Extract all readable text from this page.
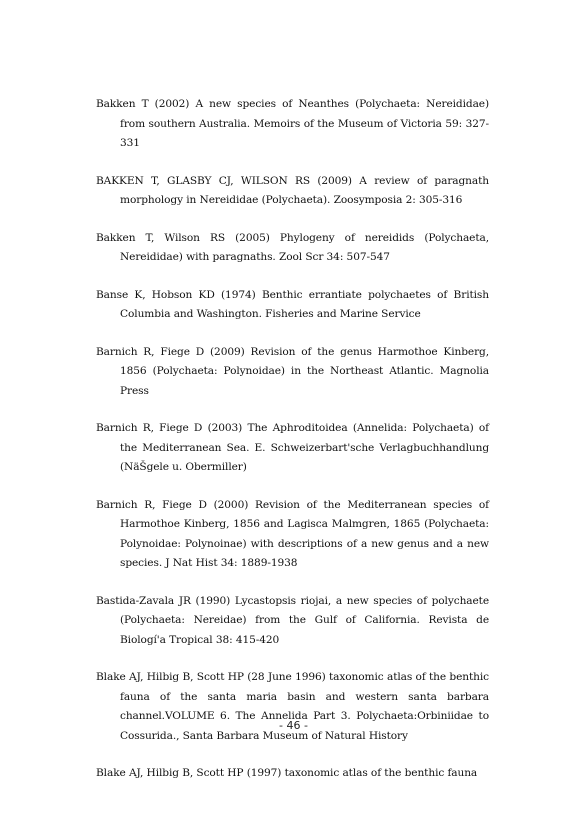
Bakken T (2002) A new species of Neanthes (Polychaeta: Nereididae) from southern Australia. Memoirs of the Museum of Victoria 59: 327-331

BAKKEN T, GLASBY CJ, WILSON RS (2009) A review of paragnath morphology in Nereididae (Polychaeta). Zoosymposia 2: 305-316

Bakken T, Wilson RS (2005) Phylogeny of nereidids (Polychaeta, Nereididae) with paragnaths. Zool Scr 34: 507-547

Banse K, Hobson KD (1974) Benthic errantiate polychaetes of British Columbia and Washington. Fisheries and Marine Service

Barnich R, Fiege D (2009) Revision of the genus Harmothoe Kinberg, 1856 (Polychaeta: Polynoidae) in the Northeast Atlantic. Magnolia Press

Barnich R, Fiege D (2003) The Aphroditoidea (Annelida: Polychaeta) of the Mediterranean Sea. E. Schweizerbart'sche Verlagbuchhandlung (NäŠgele u. Obermiller)

Barnich R, Fiege D (2000) Revision of the Mediterranean species of Harmothoe Kinberg, 1856 and Lagisca Malmgren, 1865 (Polychaeta: Polynoidae: Polynoinae) with descriptions of a new genus and a new species. J Nat Hist 34: 1889-1938

Bastida-Zavala JR (1990) Lycastopsis riojai, a new species of polychaete (Polychaeta: Nereidae) from the Gulf of California. Revista de Biologí'a Tropical 38: 415-420

Blake AJ, Hilbig B, Scott HP (28 June 1996) taxonomic atlas of the benthic fauna of the santa maria basin and western santa barbara channel.VOLUME 6. The Annelida Part 3. Polychaeta:Orbiniidae to Cossurida., Santa Barbara Museum of Natural History

Blake AJ, Hilbig B, Scott HP (1997) taxonomic atlas of the benthic fauna

- 46 -
